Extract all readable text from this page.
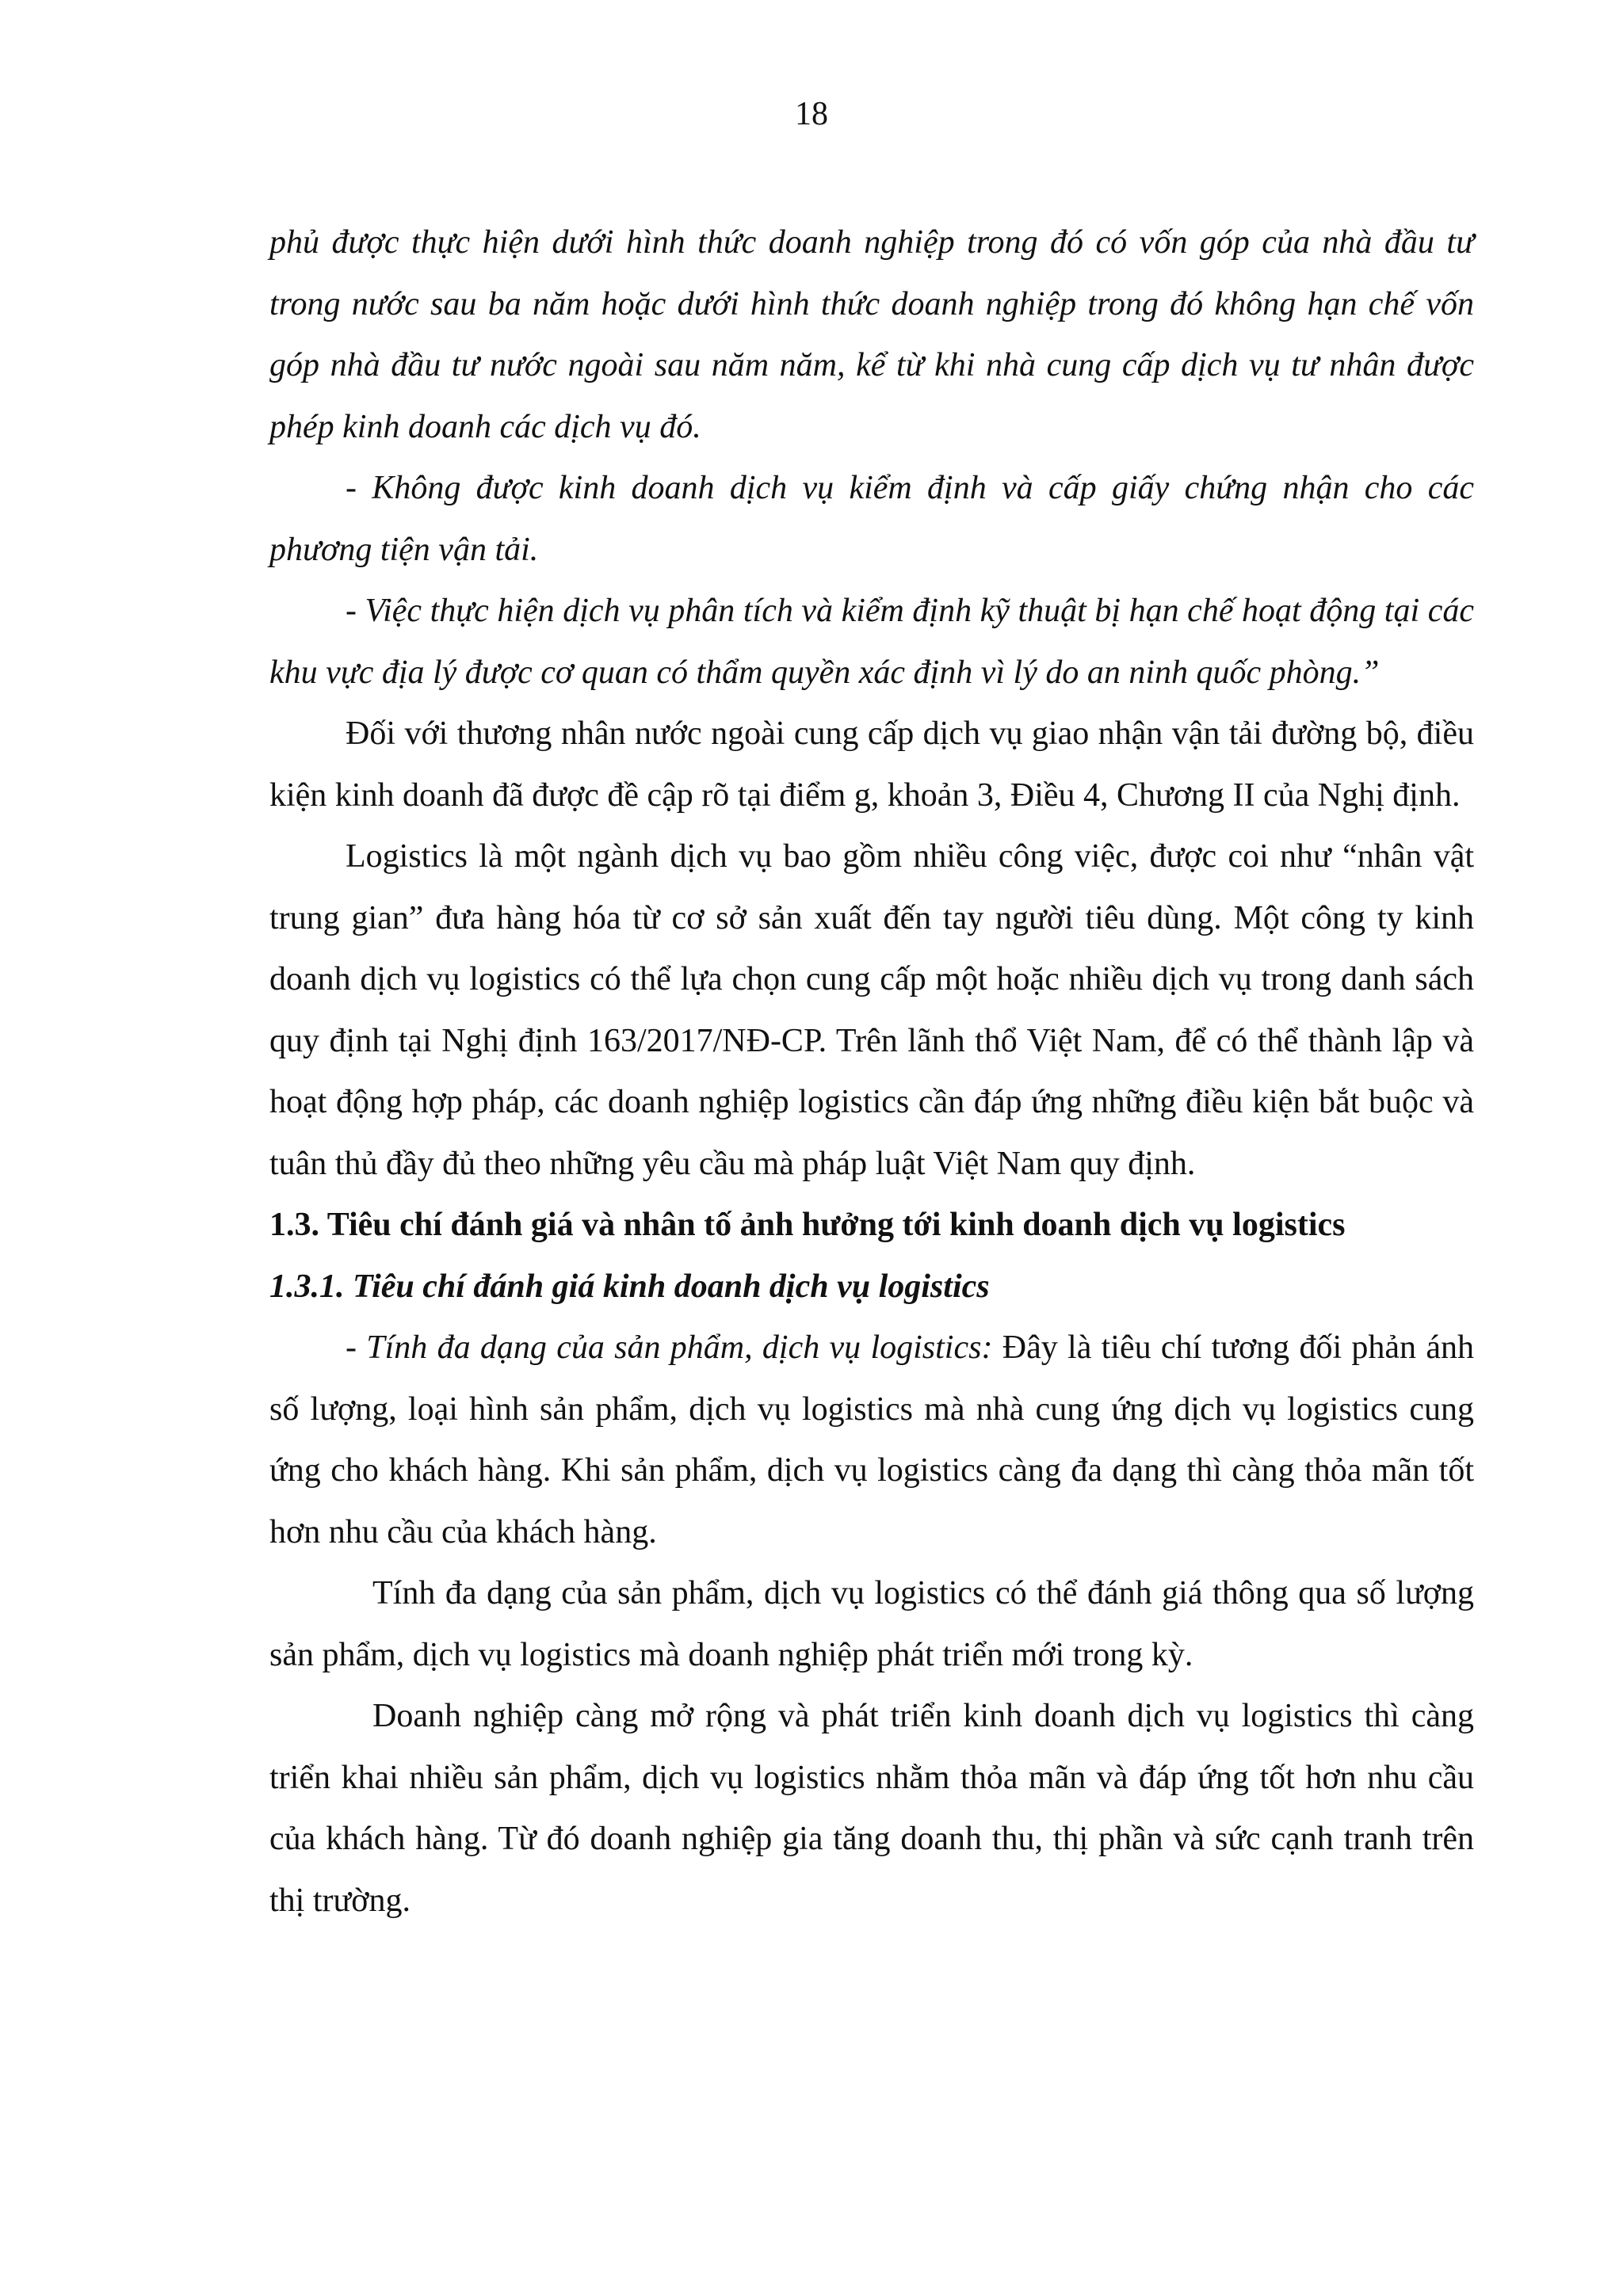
18

phủ được thực hiện dưới hình thức doanh nghiệp trong đó có vốn góp của nhà đầu tư trong nước sau ba năm hoặc dưới hình thức doanh nghiệp trong đó không hạn chế vốn góp nhà đầu tư nước ngoài sau năm năm, kể từ khi nhà cung cấp dịch vụ tư nhân được phép kinh doanh các dịch vụ đó.

- Không được kinh doanh dịch vụ kiểm định và cấp giấy chứng nhận cho các phương tiện vận tải.

- Việc thực hiện dịch vụ phân tích và kiểm định kỹ thuật bị hạn chế hoạt động tại các khu vực địa lý được cơ quan có thẩm quyền xác định vì lý do an ninh quốc phòng.”

Đối với thương nhân nước ngoài cung cấp dịch vụ giao nhận vận tải đường bộ, điều kiện kinh doanh đã được đề cập rõ tại điểm g, khoản 3, Điều 4, Chương II của Nghị định.

Logistics là một ngành dịch vụ bao gồm nhiều công việc, được coi như “nhân vật trung gian” đưa hàng hóa từ cơ sở sản xuất đến tay người tiêu dùng. Một công ty kinh doanh dịch vụ logistics có thể lựa chọn cung cấp một hoặc nhiều dịch vụ trong danh sách quy định tại Nghị định 163/2017/NĐ-CP. Trên lãnh thổ Việt Nam, để có thể thành lập và hoạt động hợp pháp, các doanh nghiệp logistics cần đáp ứng những điều kiện bắt buộc và tuân thủ đầy đủ theo những yêu cầu mà pháp luật Việt Nam quy định.

1.3. Tiêu chí đánh giá và nhân tố ảnh hưởng tới kinh doanh dịch vụ logistics
1.3.1. Tiêu chí đánh giá kinh doanh dịch vụ logistics

- Tính đa dạng của sản phẩm, dịch vụ logistics: Đây là tiêu chí tương đối phản ánh số lượng, loại hình sản phẩm, dịch vụ logistics mà nhà cung ứng dịch vụ logistics cung ứng cho khách hàng. Khi sản phẩm, dịch vụ logistics càng đa dạng thì càng thỏa mãn tốt hơn nhu cầu của khách hàng.

Tính đa dạng của sản phẩm, dịch vụ logistics có thể đánh giá thông qua số lượng sản phẩm, dịch vụ logistics mà doanh nghiệp phát triển mới trong kỳ.

Doanh nghiệp càng mở rộng và phát triển kinh doanh dịch vụ logistics thì càng triển khai nhiều sản phẩm, dịch vụ logistics nhằm thỏa mãn và đáp ứng tốt hơn nhu cầu của khách hàng. Từ đó doanh nghiệp gia tăng doanh thu, thị phần và sức cạnh tranh trên thị trường.
